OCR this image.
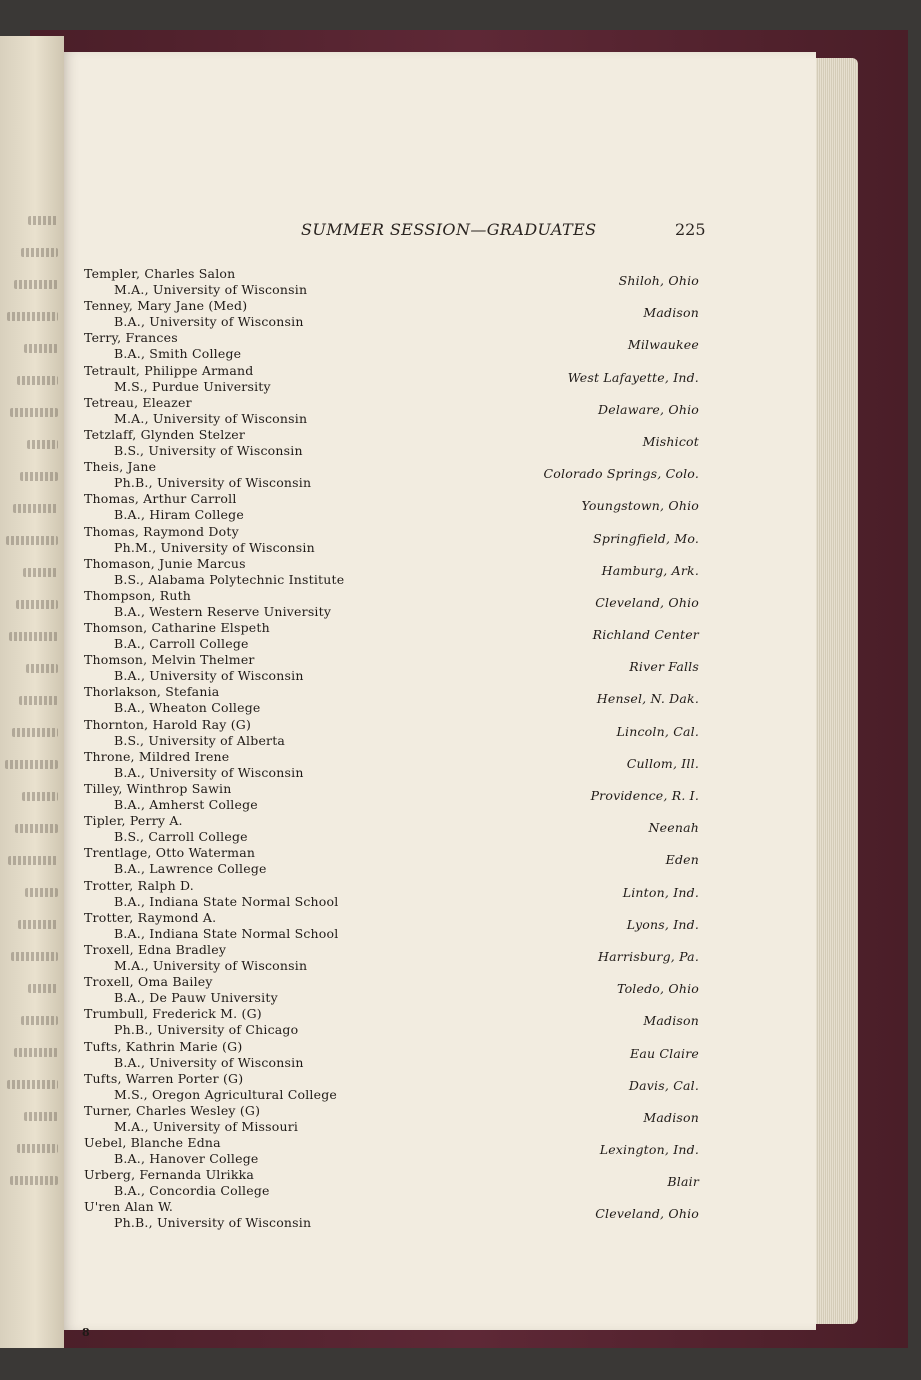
SUMMER SESSION—GRADUATES	225
Templer, Charles Salon
M.A., University of Wisconsin
Shiloh, Ohio
Tenney, Mary Jane (Med)
B.A., University of Wisconsin
Madison
Terry, Frances
B.A., Smith College
Milwaukee
Tetrault, Philippe Armand
M.S., Purdue University
West Lafayette, Ind.
Tetreau, Eleazer
M.A., University of Wisconsin
Delaware, Ohio
Tetzlaff, Glynden Stelzer
B.S., University of Wisconsin
Mishicot
Theis, Jane
Ph.B., University of Wisconsin
Colorado Springs, Colo.
Thomas, Arthur Carroll
B.A., Hiram College
Youngstown, Ohio
Thomas, Raymond Doty
Ph.M., University of Wisconsin
Springfield, Mo.
Thomason, Junie Marcus
B.S., Alabama Polytechnic Institute
Hamburg, Ark.
Thompson, Ruth
B.A., Western Reserve University
Cleveland, Ohio
Thomson, Catharine Elspeth
B.A., Carroll College
Richland Center
Thomson, Melvin Thelmer
B.A., University of Wisconsin
River Falls
Thorlakson, Stefania
B.A., Wheaton College
Hensel, N. Dak.
Thornton, Harold Ray (G)
B.S., University of Alberta
Lincoln, Cal.
Throne, Mildred Irene
B.A., University of Wisconsin
Cullom, Ill.
Tilley, Winthrop Sawin
B.A., Amherst College
Providence, R. I.
Tipler, Perry A.
B.S., Carroll College
Neenah
Trentlage, Otto Waterman
B.A., Lawrence College
Eden
Trotter, Ralph D.
B.A., Indiana State Normal School
Linton, Ind.
Trotter, Raymond A.
B.A., Indiana State Normal School
Lyons, Ind.
Troxell, Edna Bradley
M.A., University of Wisconsin
Harrisburg, Pa.
Troxell, Oma Bailey
B.A., De Pauw University
Toledo, Ohio
Trumbull, Frederick M. (G)
Ph.B., University of Chicago
Madison
Tufts, Kathrin Marie (G)
B.A., University of Wisconsin
Eau Claire
Tufts, Warren Porter (G)
M.S., Oregon Agricultural College
Davis, Cal.
Turner, Charles Wesley (G)
M.A., University of Missouri
Madison
Uebel, Blanche Edna
B.A., Hanover College
Lexington, Ind.
Urberg, Fernanda Ulrikka
B.A., Concordia College
Blair
U'ren Alan W.
Ph.B., University of Wisconsin
Cleveland, Ohio
8
